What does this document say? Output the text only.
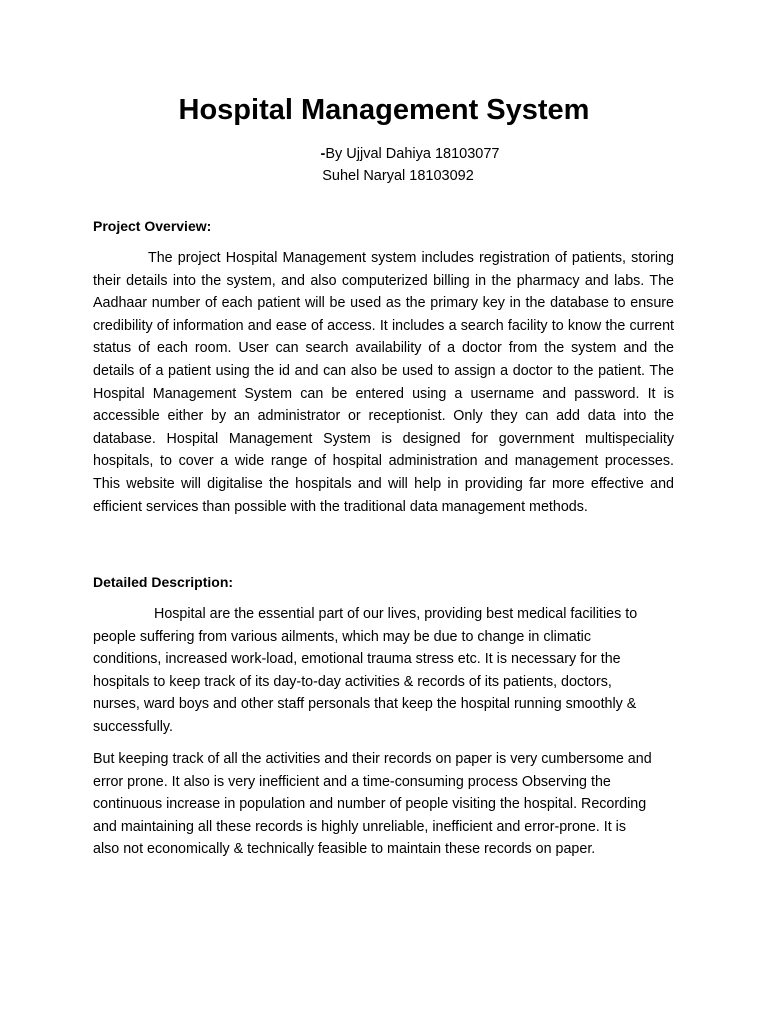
Hospital Management System
-By Ujjval Dahiya 18103077
Suhel Naryal 18103092
Project Overview:

The project Hospital Management system includes registration of patients, storing their details into the system, and also computerized billing in the pharmacy and labs. The Aadhaar number of each patient will be used as the primary key in the database to ensure credibility of information and ease of access. It includes a search facility to know the current status of each room. User can search availability of a doctor from the system and the details of a patient using the id and can also be used to assign a doctor to the patient. The Hospital Management System can be entered using a username and password. It is accessible either by an administrator or receptionist. Only they can add data into the database. Hospital Management System is designed for government multispeciality hospitals, to cover a wide range of hospital administration and management processes. This website will digitalise the hospitals and will help in providing far more effective and efficient services than possible with the traditional data management methods.

Detailed Description:

Hospital are the essential part of our lives, providing best medical facilities to people suffering from various ailments, which may be due to change in climatic conditions, increased work-load, emotional trauma stress etc. It is necessary for the hospitals to keep track of its day-to-day activities & records of its patients, doctors, nurses, ward boys and other staff personals that keep the hospital running smoothly & successfully.

But keeping track of all the activities and their records on paper is very cumbersome and error prone. It also is very inefficient and a time-consuming process Observing the continuous increase in population and number of people visiting the hospital. Recording and maintaining all these records is highly unreliable, inefficient and error-prone. It is also not economically & technically feasible to maintain these records on paper.
